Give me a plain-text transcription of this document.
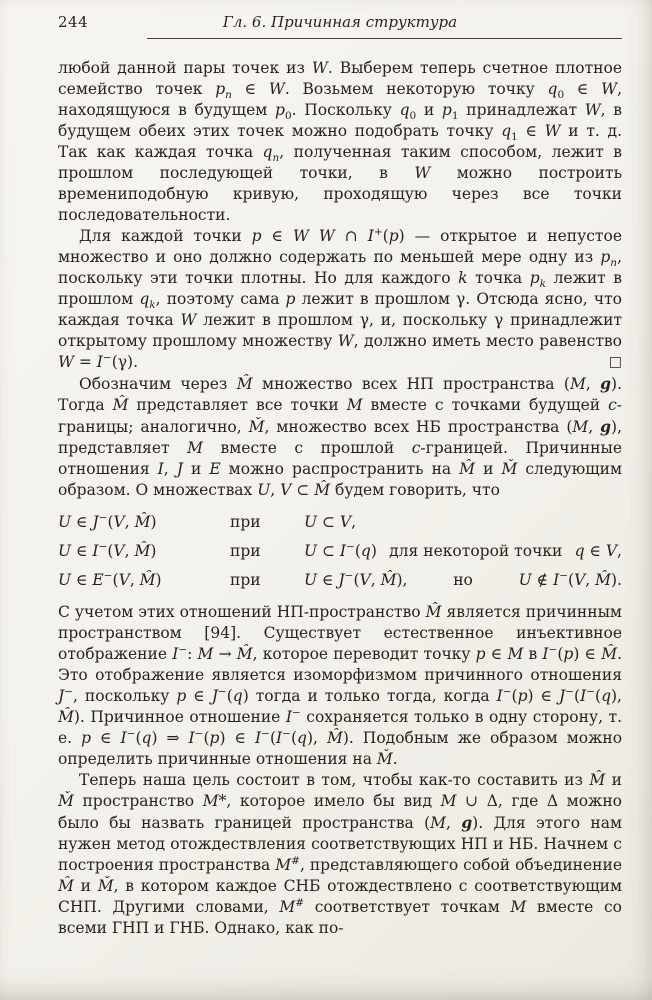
244	Гл. 6. Причинная структура

любой данной пары точек из W. Выберем теперь счетное плотное семейство точек $p_n$ ∈ W. Возьмем некоторую точку $q_0$ ∈ W, находящуюся в будущем $p_0$. Поскольку $q_0$ и $p_1$ принадлежат W, в будущем обеих этих точек можно подобрать точку $q_1$ ∈ W и т. д. Так как каждая точка $q_n$, полученная таким способом, лежит в прошлом последующей точки, в W можно построить времениподобную кривую, проходящую через все точки последовательности.

Для каждой точки p ∈ W W ∩ I+(p) — открытое и непустое множество и оно должно содержать по меньшей мере одну из $p_n$, поскольку эти точки плотны. Но для каждого k точка $p_k$ лежит в прошлом $q_k$, поэтому сама p лежит в прошлом γ. Отсюда ясно, что каждая точка W лежит в прошлом γ, и, поскольку γ принадлежит открытому прошлому множеству W, должно иметь место равенство W = I−(γ).	□

Обозначим через M̂ множество всех НП пространства (M, g). Тогда M̂ представляет все точки M вместе с точками будущей c-границы; аналогично, M̌, множество всех НБ пространства (M, g), представляет M вместе с прошлой c-границей. Причинные отношения I, J и E можно распространить на M̂ и M̌ следующим образом. О множествах U, V ⊂ M̂ будем говорить, что

U ∈ J−(V, M̂)	при	U ⊂ V,
U ∈ I−(V, M̂)	при	U ⊂ I−(q) для некоторой точки q ∈ V,
U ∈ E−(V, M̂)	при	U ∈ J−(V, M̂),	но	U ∉ I−(V, M̂).

С учетом этих отношений НП-пространство M̂ является причинным пространством [94]. Существует естественное инъективное отображение I−: M → M̂, которое переводит точку p ∈ M в I−(p) ∈ M̂. Это отображение является изоморфизмом причинного отношения J−, поскольку p ∈ J−(q) тогда и только тогда, когда I−(p) ∈ J−(I−(q), M̂). Причинное отношение I− сохраняется только в одну сторону, т. е. p ∈ I−(q) ⇒ I−(p) ∈ I−(I−(q), M̂). Подобным же образом можно определить причинные отношения на M̌.

Теперь наша цель состоит в том, чтобы как-то составить из M̂ и M̌ пространство M*, которое имело бы вид M ∪ Δ, где Δ можно было бы назвать границей пространства (M, g). Для этого нам нужен метод отождествления соответствующих НП и НБ. Начнем с построения пространства M#, представляющего собой объединение M̂ и M̌, в котором каждое СНБ отождествлено с соответствующим СНП. Другими словами, M# соответствует точкам M вместе со всеми ГНП и ГНБ. Однако, как по-
